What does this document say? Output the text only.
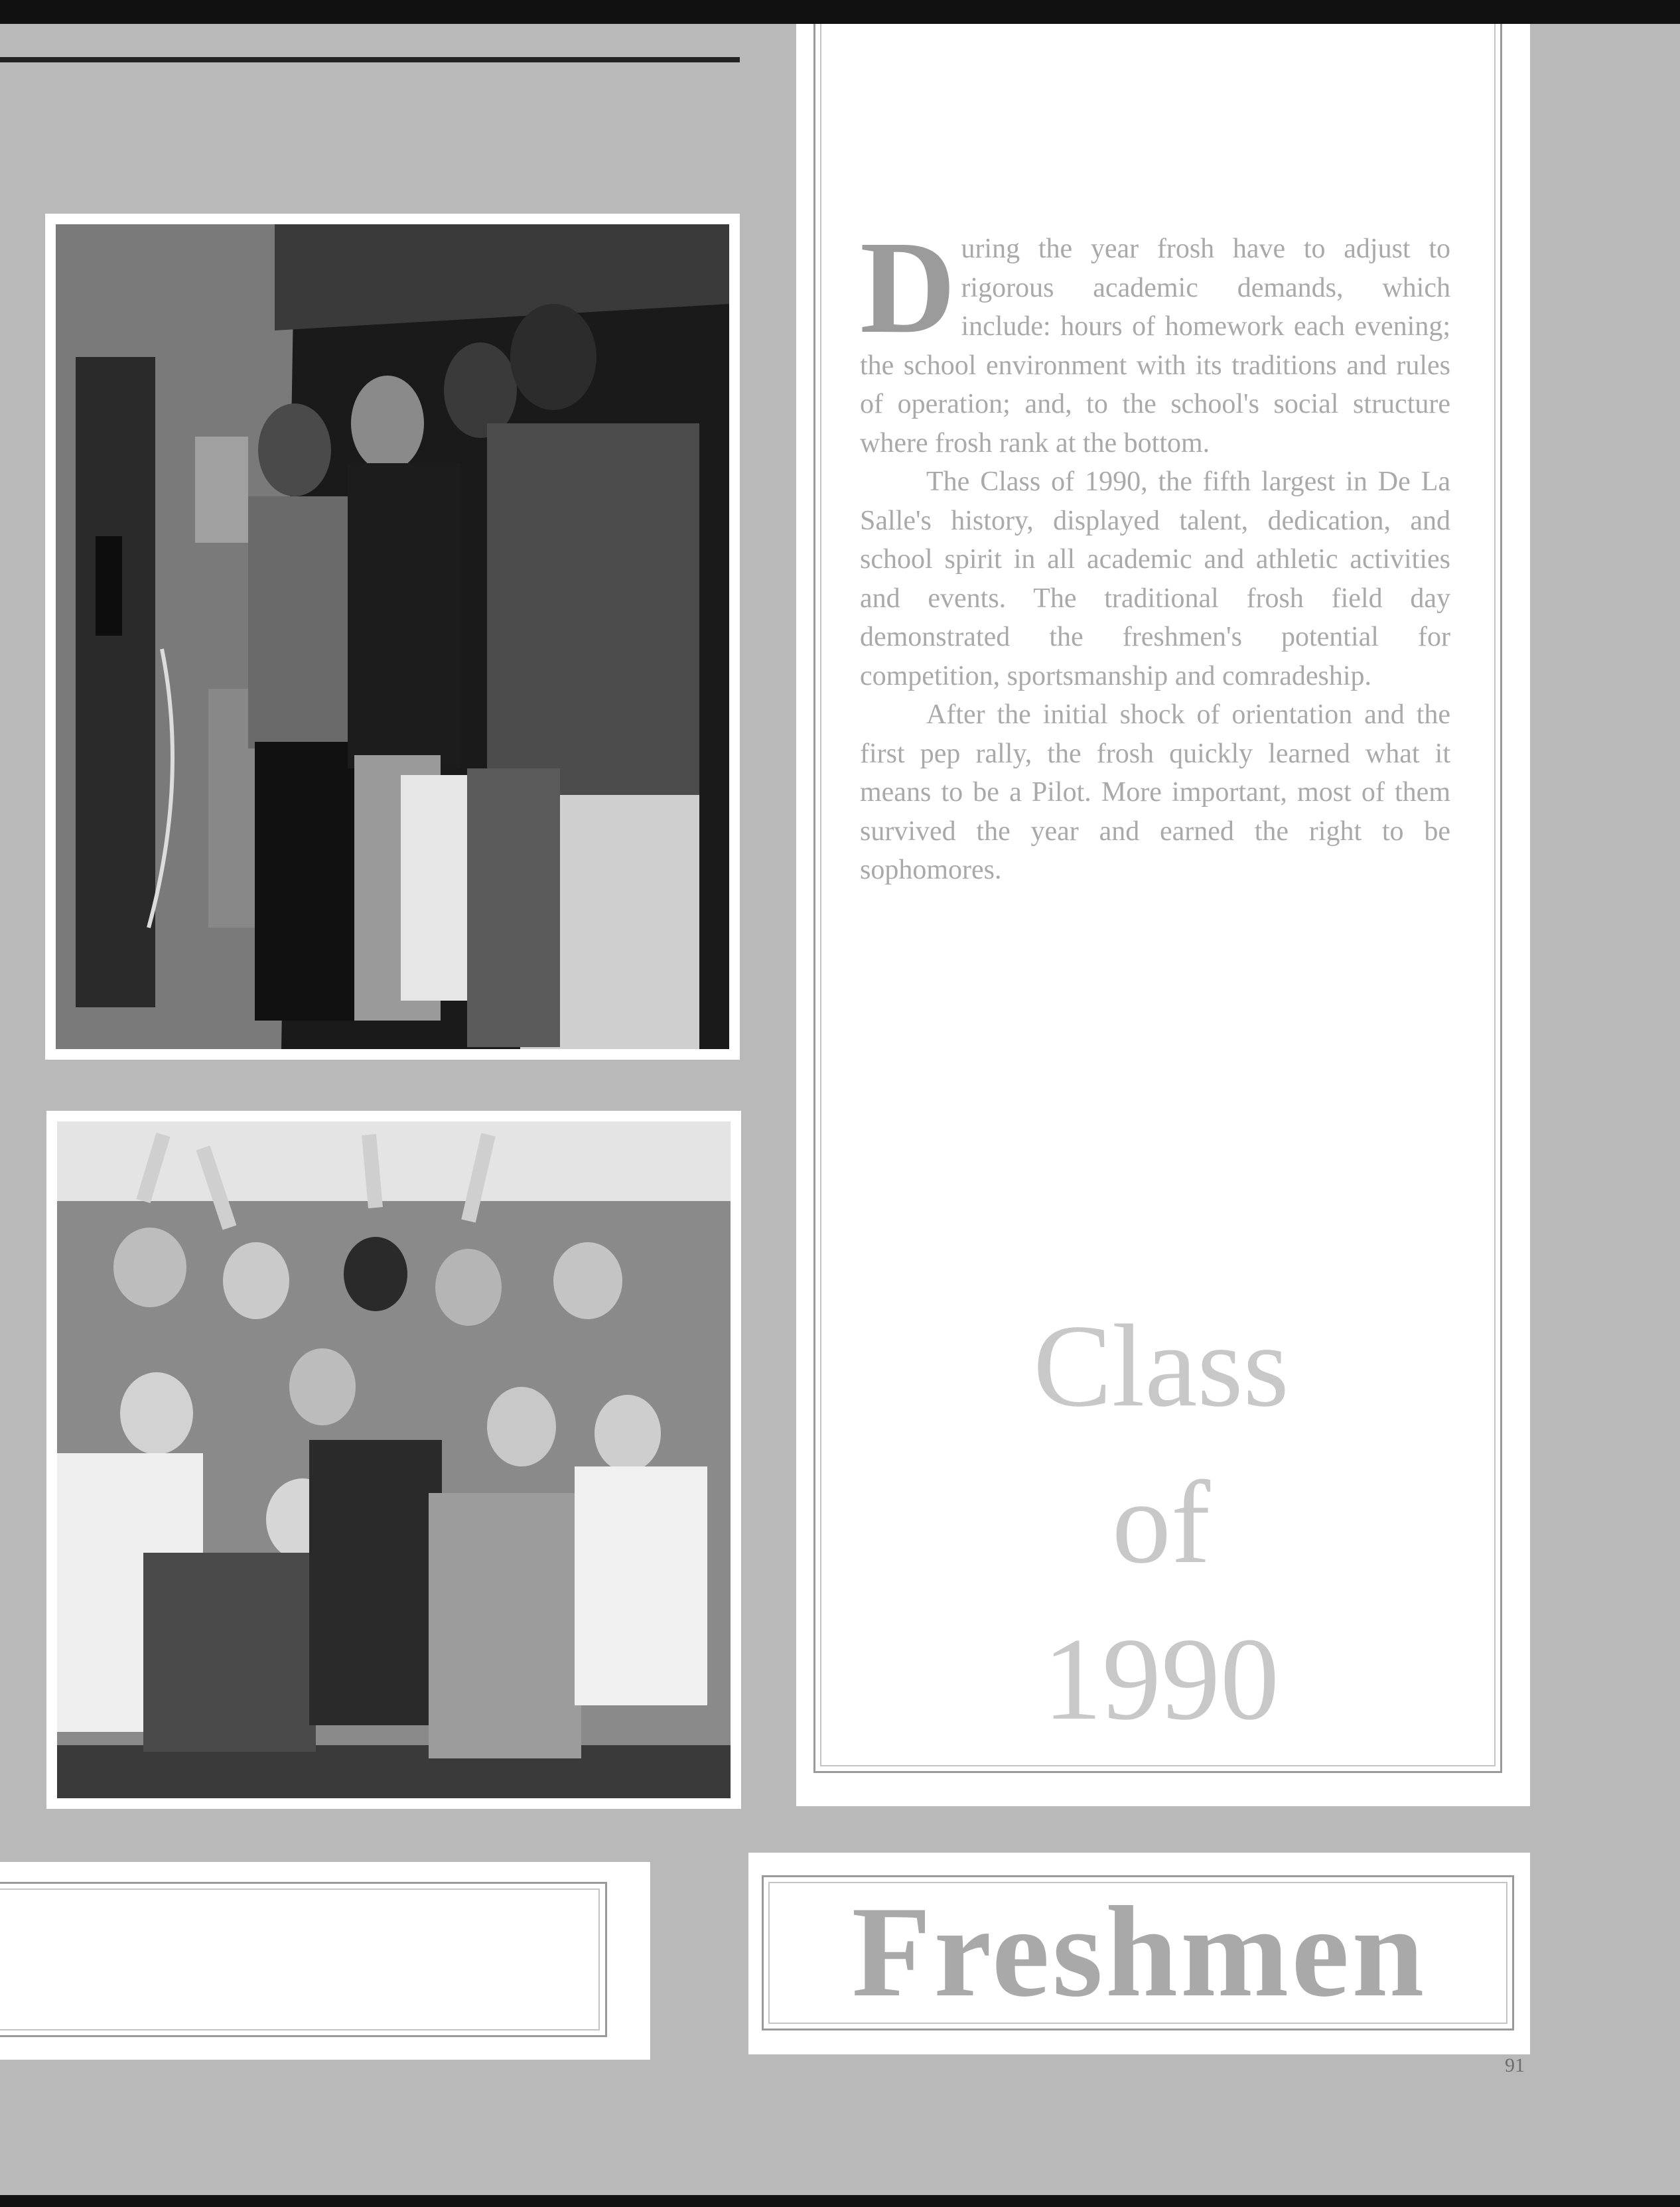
During the year frosh have to adjust to rigorous academic demands, which include: hours of homework each evening; the school environment with its traditions and rules of operation; and, to the school's social structure where frosh rank at the bottom.

The Class of 1990, the fifth largest in De La Salle's history, displayed talent, dedication, and school spirit in all academic and athletic activities and events. The traditional frosh field day demonstrated the freshmen's potential for competition, sportsmanship and comradeship.

After the initial shock of orientation and the first pep rally, the frosh quickly learned what it means to be a Pilot. More important, most of them survived the year and earned the right to be sophomores.

Class
of
1990
Freshmen
91
